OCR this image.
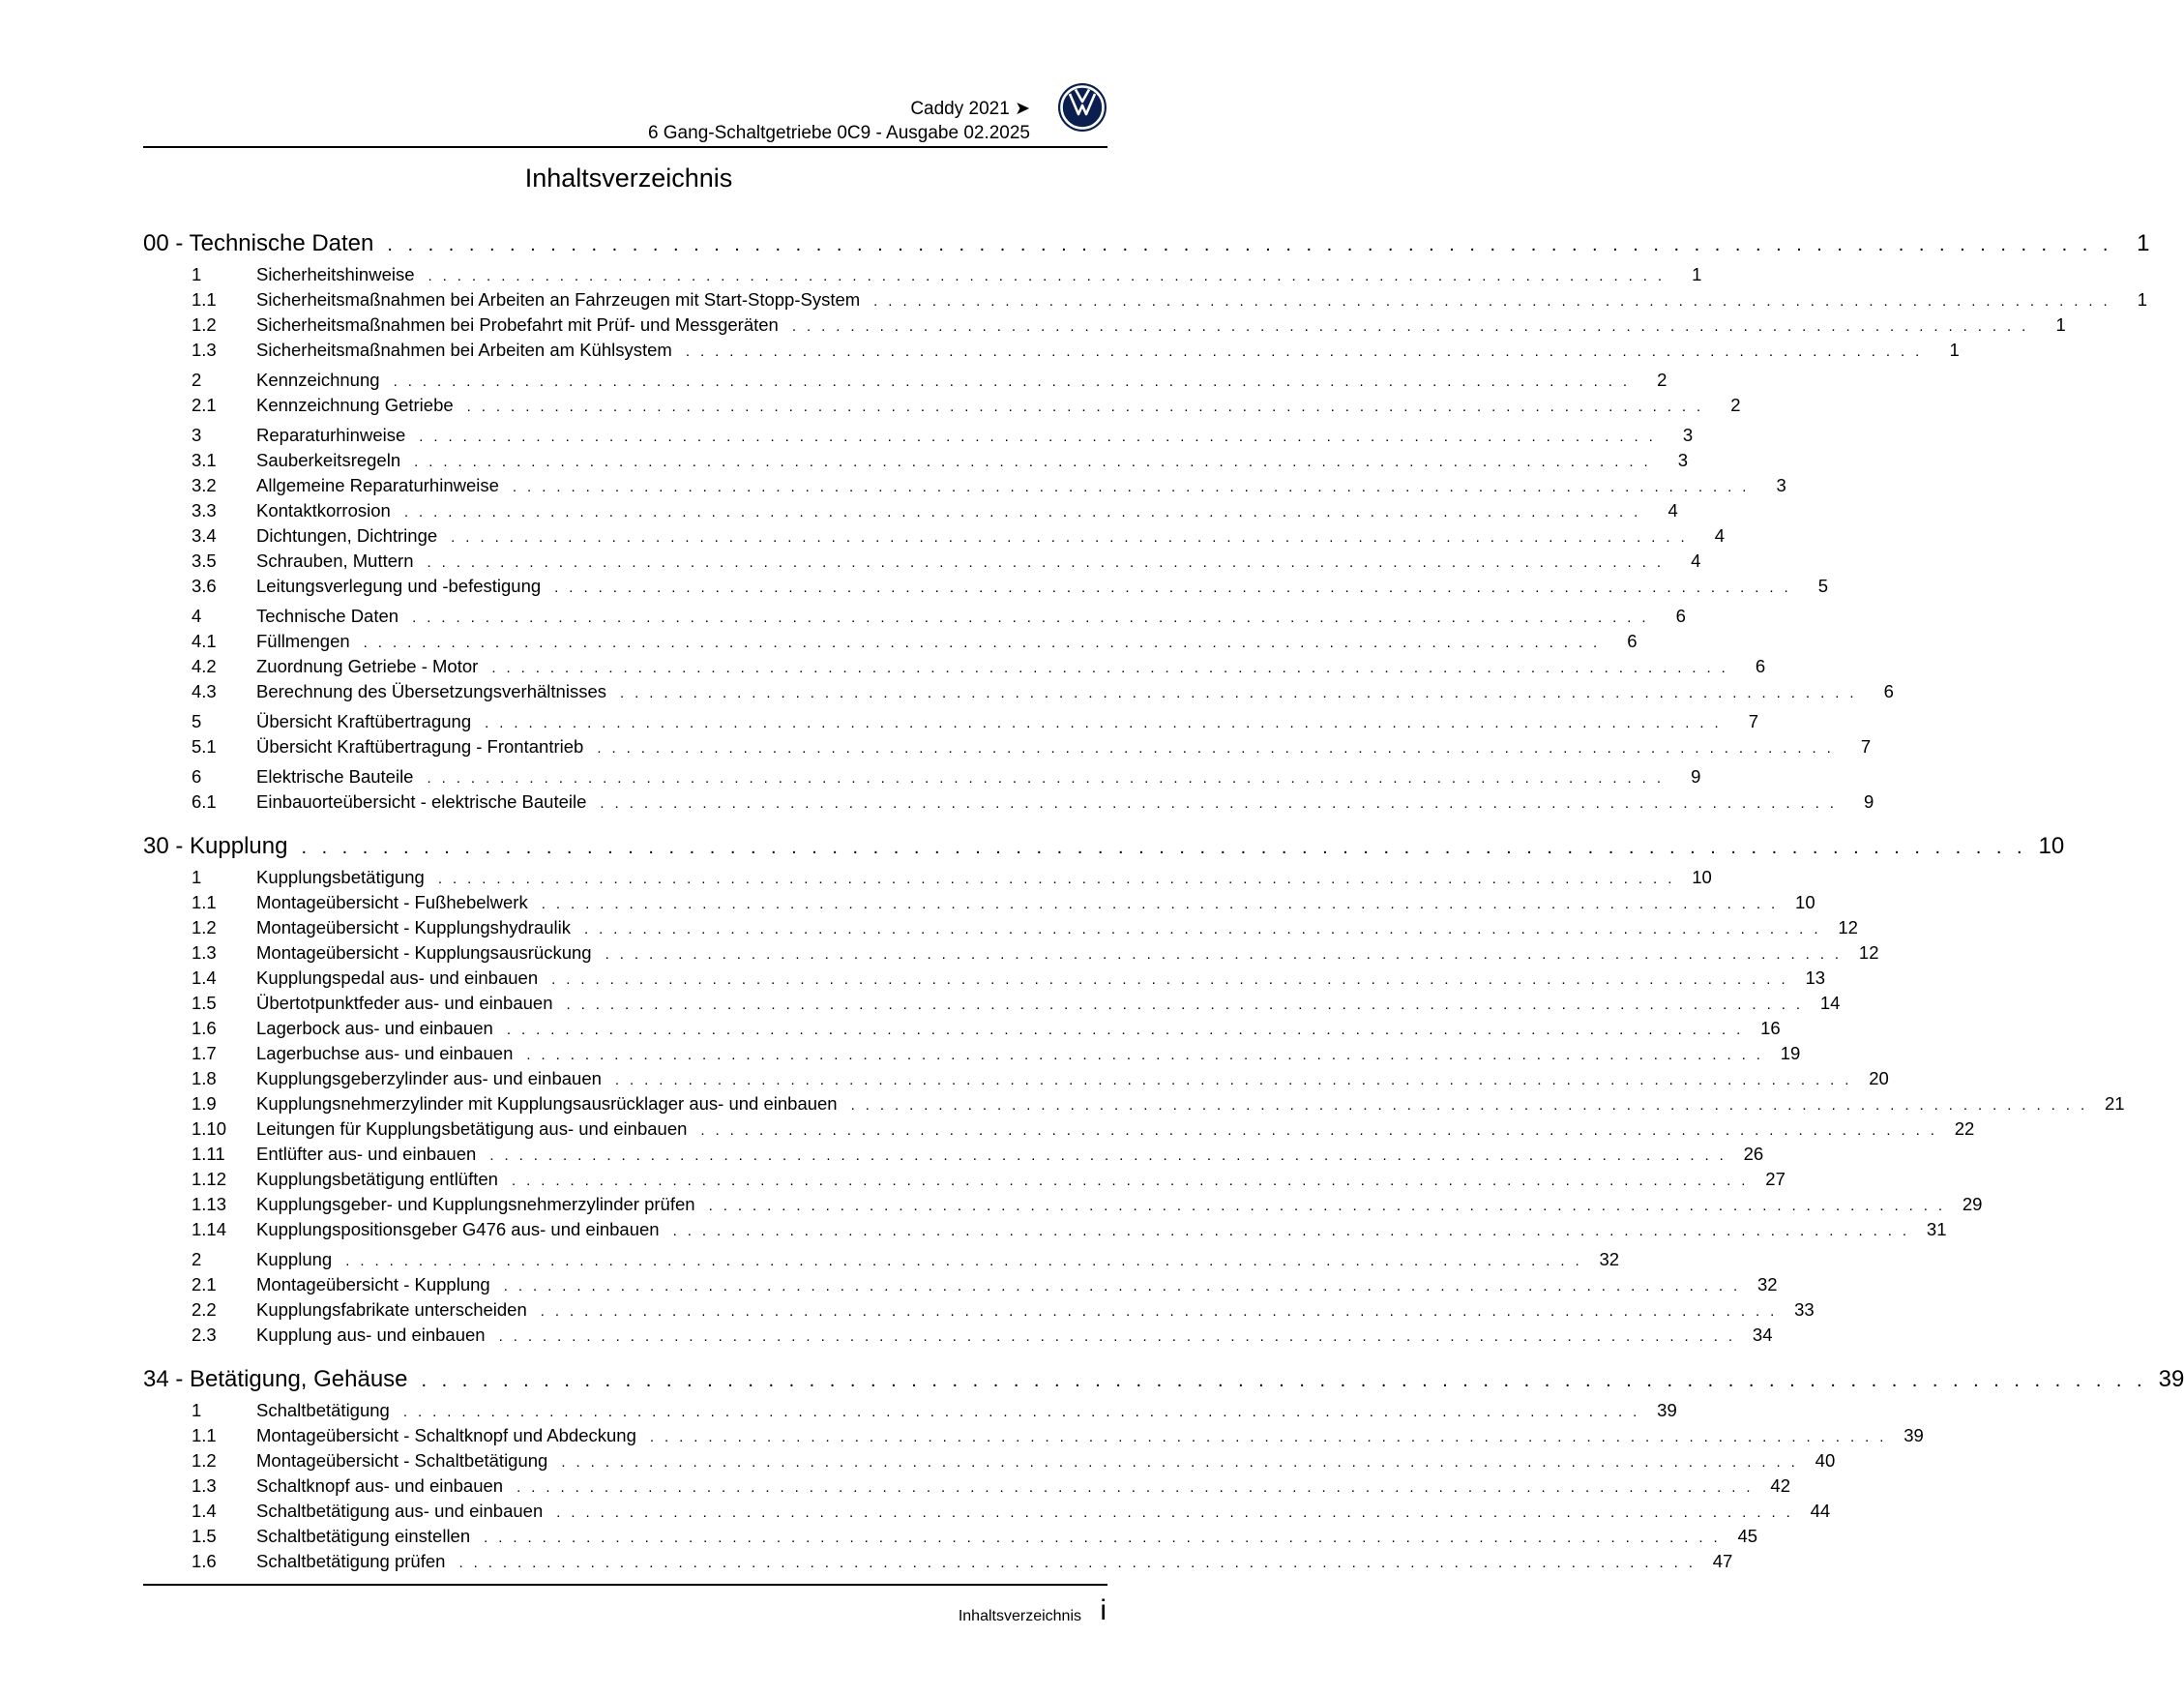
Caddy 2021 ➤
6 Gang-Schaltgetriebe 0C9 - Ausgabe 02.2025
Inhaltsverzeichnis
00 - Technische Daten . . . . . . . . . . . . . . . . . . . . . . . . . . . . . . . . . . . . . . . . . . . . . . . . . . . . . . . . . . . . . . . . . . . . . . . . . . . . . . . . . . . . .	1
1	Sicherheitshinweise . . . . . . . . . . . . . . . . . . . . . . . . . . . . . . . . . . . . . . . . . . . . . . . . . . . . . . . . . . . . . . . . . . . . . . . . . . . . . . . . . . . . .	1
1.1	Sicherheitsmaßnahmen bei Arbeiten an Fahrzeugen mit Start-Stopp-System . . . . . . . . . . . . . . . . . . . . . . . . . . . . . . . . . . . . . . . . . . . . . . . . . . . . . . . . . . . . . . . . . . . . . . . . . . . . . . . . . . . . .	1
1.2	Sicherheitsmaßnahmen bei Probefahrt mit Prüf- und Messgeräten . . . . . . . . . . . . . . . . . . . . . . . . . . . . . . . . . . . . . . . . . . . . . . . . . . . . . . . . . . . . . . . . . . . . . . . . . . . . . . . . . . . . .	1
1.3	Sicherheitsmaßnahmen bei Arbeiten am Kühlsystem . . . . . . . . . . . . . . . . . . . . . . . . . . . . . . . . . . . . . . . . . . . . . . . . . . . . . . . . . . . . . . . . . . . . . . . . . . . . . . . . . . . . .	1
2	Kennzeichnung . . . . . . . . . . . . . . . . . . . . . . . . . . . . . . . . . . . . . . . . . . . . . . . . . . . . . . . . . . . . . . . . . . . . . . . . . . . . . . . . . . . . .	2
2.1	Kennzeichnung Getriebe . . . . . . . . . . . . . . . . . . . . . . . . . . . . . . . . . . . . . . . . . . . . . . . . . . . . . . . . . . . . . . . . . . . . . . . . . . . . . . . . . . . . .	2
3	Reparaturhinweise . . . . . . . . . . . . . . . . . . . . . . . . . . . . . . . . . . . . . . . . . . . . . . . . . . . . . . . . . . . . . . . . . . . . . . . . . . . . . . . . . . . . .	3
3.1	Sauberkeitsregeln . . . . . . . . . . . . . . . . . . . . . . . . . . . . . . . . . . . . . . . . . . . . . . . . . . . . . . . . . . . . . . . . . . . . . . . . . . . . . . . . . . . . .	3
3.2	Allgemeine Reparaturhinweise . . . . . . . . . . . . . . . . . . . . . . . . . . . . . . . . . . . . . . . . . . . . . . . . . . . . . . . . . . . . . . . . . . . . . . . . . . . . . . . . . . . . .	3
3.3	Kontaktkorrosion . . . . . . . . . . . . . . . . . . . . . . . . . . . . . . . . . . . . . . . . . . . . . . . . . . . . . . . . . . . . . . . . . . . . . . . . . . . . . . . . . . . . .	4
3.4	Dichtungen, Dichtringe . . . . . . . . . . . . . . . . . . . . . . . . . . . . . . . . . . . . . . . . . . . . . . . . . . . . . . . . . . . . . . . . . . . . . . . . . . . . . . . . . . . . .	4
3.5	Schrauben, Muttern . . . . . . . . . . . . . . . . . . . . . . . . . . . . . . . . . . . . . . . . . . . . . . . . . . . . . . . . . . . . . . . . . . . . . . . . . . . . . . . . . . . . .	4
3.6	Leitungsverlegung und -befestigung . . . . . . . . . . . . . . . . . . . . . . . . . . . . . . . . . . . . . . . . . . . . . . . . . . . . . . . . . . . . . . . . . . . . . . . . . . . . . . . . . . . . .	5
4	Technische Daten . . . . . . . . . . . . . . . . . . . . . . . . . . . . . . . . . . . . . . . . . . . . . . . . . . . . . . . . . . . . . . . . . . . . . . . . . . . . . . . . . . . . .	6
4.1	Füllmengen . . . . . . . . . . . . . . . . . . . . . . . . . . . . . . . . . . . . . . . . . . . . . . . . . . . . . . . . . . . . . . . . . . . . . . . . . . . . . . . . . . . . .	6
4.2	Zuordnung Getriebe - Motor . . . . . . . . . . . . . . . . . . . . . . . . . . . . . . . . . . . . . . . . . . . . . . . . . . . . . . . . . . . . . . . . . . . . . . . . . . . . . . . . . . . . .	6
4.3	Berechnung des Übersetzungsverhältnisses . . . . . . . . . . . . . . . . . . . . . . . . . . . . . . . . . . . . . . . . . . . . . . . . . . . . . . . . . . . . . . . . . . . . . . . . . . . . . . . . . . . . .	6
5	Übersicht Kraftübertragung . . . . . . . . . . . . . . . . . . . . . . . . . . . . . . . . . . . . . . . . . . . . . . . . . . . . . . . . . . . . . . . . . . . . . . . . . . . . . . . . . . . . .	7
5.1	Übersicht Kraftübertragung - Frontantrieb . . . . . . . . . . . . . . . . . . . . . . . . . . . . . . . . . . . . . . . . . . . . . . . . . . . . . . . . . . . . . . . . . . . . . . . . . . . . . . . . . . . . .	7
6	Elektrische Bauteile . . . . . . . . . . . . . . . . . . . . . . . . . . . . . . . . . . . . . . . . . . . . . . . . . . . . . . . . . . . . . . . . . . . . . . . . . . . . . . . . . . . . .	9
6.1	Einbauorteübersicht - elektrische Bauteile . . . . . . . . . . . . . . . . . . . . . . . . . . . . . . . . . . . . . . . . . . . . . . . . . . . . . . . . . . . . . . . . . . . . . . . . . . . . . . . . . . . . .	9
30 - Kupplung . . . . . . . . . . . . . . . . . . . . . . . . . . . . . . . . . . . . . . . . . . . . . . . . . . . . . . . . . . . . . . . . . . . . . . . . . . . . . . . . . . . . . 10
1	Kupplungsbetätigung . . . . . . . . . . . . . . . . . . . . . . . . . . . . . . . . . . . . . . . . . . . . . . . . . . . . . . . . . . . . . . . . . . . . . . . . . . . . . . . . . . . . . 10
1.1	Montageübersicht - Fußhebelwerk . . . . . . . . . . . . . . . . . . . . . . . . . . . . . . . . . . . . . . . . . . . . . . . . . . . . . . . . . . . . . . . . . . . . . . . . . . . . . . . . . . . . . 10
1.2	Montageübersicht - Kupplungshydraulik . . . . . . . . . . . . . . . . . . . . . . . . . . . . . . . . . . . . . . . . . . . . . . . . . . . . . . . . . . . . . . . . . . . . . . . . . . . . . . . . . . . . . 12
1.3	Montageübersicht - Kupplungsausrückung . . . . . . . . . . . . . . . . . . . . . . . . . . . . . . . . . . . . . . . . . . . . . . . . . . . . . . . . . . . . . . . . . . . . . . . . . . . . . . . . . . . . . 12
1.4	Kupplungspedal aus- und einbauen . . . . . . . . . . . . . . . . . . . . . . . . . . . . . . . . . . . . . . . . . . . . . . . . . . . . . . . . . . . . . . . . . . . . . . . . . . . . . . . . . . . . . 13
1.5	Übertotpunktfeder aus- und einbauen . . . . . . . . . . . . . . . . . . . . . . . . . . . . . . . . . . . . . . . . . . . . . . . . . . . . . . . . . . . . . . . . . . . . . . . . . . . . . . . . . . . . . 14
1.6	Lagerbock aus- und einbauen . . . . . . . . . . . . . . . . . . . . . . . . . . . . . . . . . . . . . . . . . . . . . . . . . . . . . . . . . . . . . . . . . . . . . . . . . . . . . . . . . . . . . 16
1.7	Lagerbuchse aus- und einbauen . . . . . . . . . . . . . . . . . . . . . . . . . . . . . . . . . . . . . . . . . . . . . . . . . . . . . . . . . . . . . . . . . . . . . . . . . . . . . . . . . . . . . 19
1.8	Kupplungsgeberzylinder aus- und einbauen . . . . . . . . . . . . . . . . . . . . . . . . . . . . . . . . . . . . . . . . . . . . . . . . . . . . . . . . . . . . . . . . . . . . . . . . . . . . . . . . . . . . . 20
1.9	Kupplungsnehmerzylinder mit Kupplungsausrücklager aus- und einbauen . . . . . . . . . . . . . . . . . . . . . . . . . . . . . . . . . . . . . . . . . . . . . . . . . . . . . . . . . . . . . . . . . . . . . . . . . . . . . . . . . . . . . 21
1.10	Leitungen für Kupplungsbetätigung aus- und einbauen . . . . . . . . . . . . . . . . . . . . . . . . . . . . . . . . . . . . . . . . . . . . . . . . . . . . . . . . . . . . . . . . . . . . . . . . . . . . . . . . . . . . . 22
1.11	Entlüfter aus- und einbauen . . . . . . . . . . . . . . . . . . . . . . . . . . . . . . . . . . . . . . . . . . . . . . . . . . . . . . . . . . . . . . . . . . . . . . . . . . . . . . . . . . . . . 26
1.12	Kupplungsbetätigung entlüften . . . . . . . . . . . . . . . . . . . . . . . . . . . . . . . . . . . . . . . . . . . . . . . . . . . . . . . . . . . . . . . . . . . . . . . . . . . . . . . . . . . . . 27
1.13	Kupplungsgeber- und Kupplungsnehmerzylinder prüfen . . . . . . . . . . . . . . . . . . . . . . . . . . . . . . . . . . . . . . . . . . . . . . . . . . . . . . . . . . . . . . . . . . . . . . . . . . . . . . . . . . . . . 29
1.14	Kupplungspositionsgeber G476 aus- und einbauen . . . . . . . . . . . . . . . . . . . . . . . . . . . . . . . . . . . . . . . . . . . . . . . . . . . . . . . . . . . . . . . . . . . . . . . . . . . . . . . . . . . . . 31
2	Kupplung . . . . . . . . . . . . . . . . . . . . . . . . . . . . . . . . . . . . . . . . . . . . . . . . . . . . . . . . . . . . . . . . . . . . . . . . . . . . . . . . . . . . . 32
2.1	Montageübersicht - Kupplung . . . . . . . . . . . . . . . . . . . . . . . . . . . . . . . . . . . . . . . . . . . . . . . . . . . . . . . . . . . . . . . . . . . . . . . . . . . . . . . . . . . . . 32
2.2	Kupplungsfabrikate unterscheiden . . . . . . . . . . . . . . . . . . . . . . . . . . . . . . . . . . . . . . . . . . . . . . . . . . . . . . . . . . . . . . . . . . . . . . . . . . . . . . . . . . . . . 33
2.3	Kupplung aus- und einbauen . . . . . . . . . . . . . . . . . . . . . . . . . . . . . . . . . . . . . . . . . . . . . . . . . . . . . . . . . . . . . . . . . . . . . . . . . . . . . . . . . . . . . 34
34 - Betätigung, Gehäuse . . . . . . . . . . . . . . . . . . . . . . . . . . . . . . . . . . . . . . . . . . . . . . . . . . . . . . . . . . . . . . . . . . . . . . . . . . . . . . . . . . . . . 39
1	Schaltbetätigung . . . . . . . . . . . . . . . . . . . . . . . . . . . . . . . . . . . . . . . . . . . . . . . . . . . . . . . . . . . . . . . . . . . . . . . . . . . . . . . . . . . . . 39
1.1	Montageübersicht - Schaltknopf und Abdeckung . . . . . . . . . . . . . . . . . . . . . . . . . . . . . . . . . . . . . . . . . . . . . . . . . . . . . . . . . . . . . . . . . . . . . . . . . . . . . . . . . . . . . 39
1.2	Montageübersicht - Schaltbetätigung . . . . . . . . . . . . . . . . . . . . . . . . . . . . . . . . . . . . . . . . . . . . . . . . . . . . . . . . . . . . . . . . . . . . . . . . . . . . . . . . . . . . . 40
1.3	Schaltknopf aus- und einbauen . . . . . . . . . . . . . . . . . . . . . . . . . . . . . . . . . . . . . . . . . . . . . . . . . . . . . . . . . . . . . . . . . . . . . . . . . . . . . . . . . . . . . 42
1.4	Schaltbetätigung aus- und einbauen . . . . . . . . . . . . . . . . . . . . . . . . . . . . . . . . . . . . . . . . . . . . . . . . . . . . . . . . . . . . . . . . . . . . . . . . . . . . . . . . . . . . . 44
1.5	Schaltbetätigung einstellen . . . . . . . . . . . . . . . . . . . . . . . . . . . . . . . . . . . . . . . . . . . . . . . . . . . . . . . . . . . . . . . . . . . . . . . . . . . . . . . . . . . . . 45
1.6	Schaltbetätigung prüfen . . . . . . . . . . . . . . . . . . . . . . . . . . . . . . . . . . . . . . . . . . . . . . . . . . . . . . . . . . . . . . . . . . . . . . . . . . . . . . . . . . . . . 47
Inhaltsverzeichnis i
